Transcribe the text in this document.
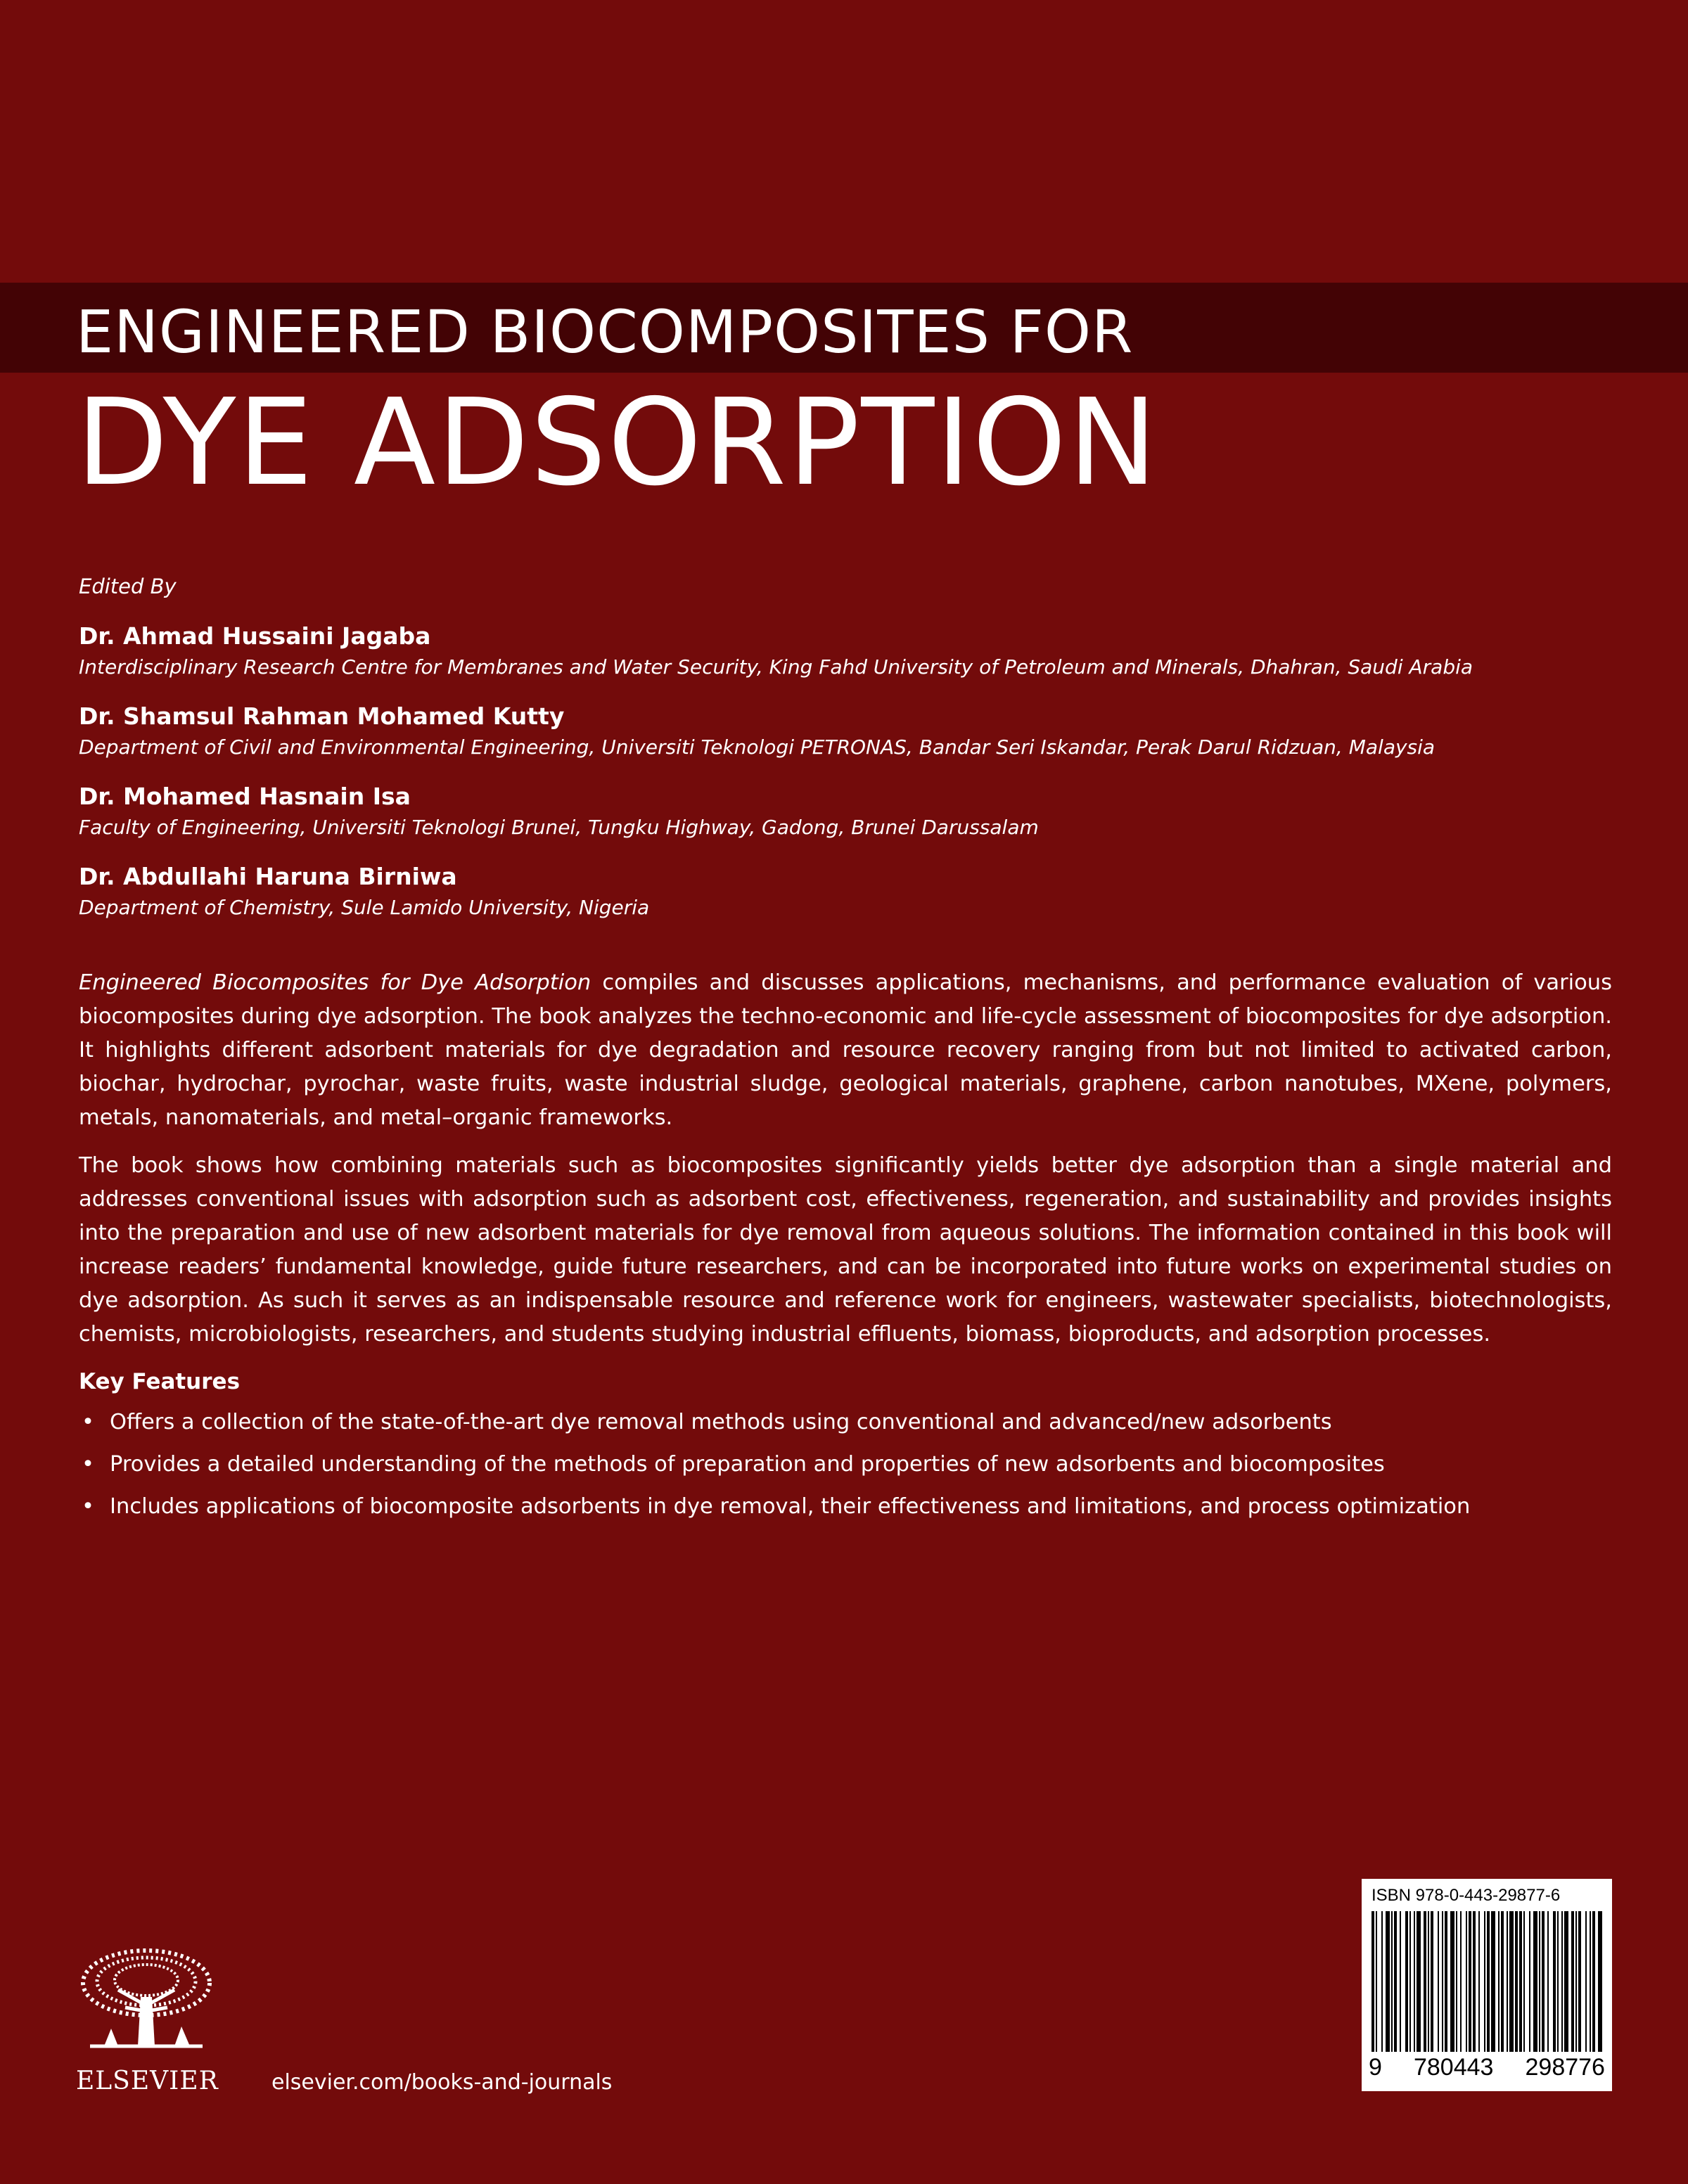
ENGINEERED BIOCOMPOSITES FOR
DYE ADSORPTION
Edited By
Dr. Ahmad Hussaini Jagaba
Interdisciplinary Research Centre for Membranes and Water Security, King Fahd University of Petroleum and Minerals, Dhahran, Saudi Arabia
Dr. Shamsul Rahman Mohamed Kutty
Department of Civil and Environmental Engineering, Universiti Teknologi PETRONAS, Bandar Seri Iskandar, Perak Darul Ridzuan, Malaysia
Dr. Mohamed Hasnain Isa
Faculty of Engineering, Universiti Teknologi Brunei, Tungku Highway, Gadong, Brunei Darussalam
Dr. Abdullahi Haruna Birniwa
Department of Chemistry, Sule Lamido University, Nigeria

Engineered Biocomposites for Dye Adsorption compiles and discusses applications, mechanisms, and performance evaluation of various biocomposites during dye adsorption. The book analyzes the techno-economic and life-cycle assessment of biocomposites for dye adsorption. It highlights different adsorbent materials for dye degradation and resource recovery ranging from but not limited to activated carbon, biochar, hydrochar, pyrochar, waste fruits, waste industrial sludge, geological materials, graphene, carbon nanotubes, MXene, polymers, metals, nanomaterials, and metal–organic frameworks.

The book shows how combining materials such as biocomposites significantly yields better dye adsorption than a single material and addresses conventional issues with adsorption such as adsorbent cost, effectiveness, regeneration, and sustainability and provides insights into the preparation and use of new adsorbent materials for dye removal from aqueous solutions. The information contained in this book will increase readers’ fundamental knowledge, guide future researchers, and can be incorporated into future works on experimental studies on dye adsorption. As such it serves as an indispensable resource and reference work for engineers, wastewater specialists, biotechnologists, chemists, microbiologists, researchers, and students studying industrial effluents, biomass, bioproducts, and adsorption processes.

Key Features
• Offers a collection of the state-of-the-art dye removal methods using conventional and advanced/new adsorbents
• Provides a detailed understanding of the methods of preparation and properties of new adsorbents and biocomposites
• Includes applications of biocomposite adsorbents in dye removal, their effectiveness and limitations, and process optimization
ELSEVIER	elsevier.com/books-and-journals
ISBN 978-0-443-29877-6
9 780443 298776
